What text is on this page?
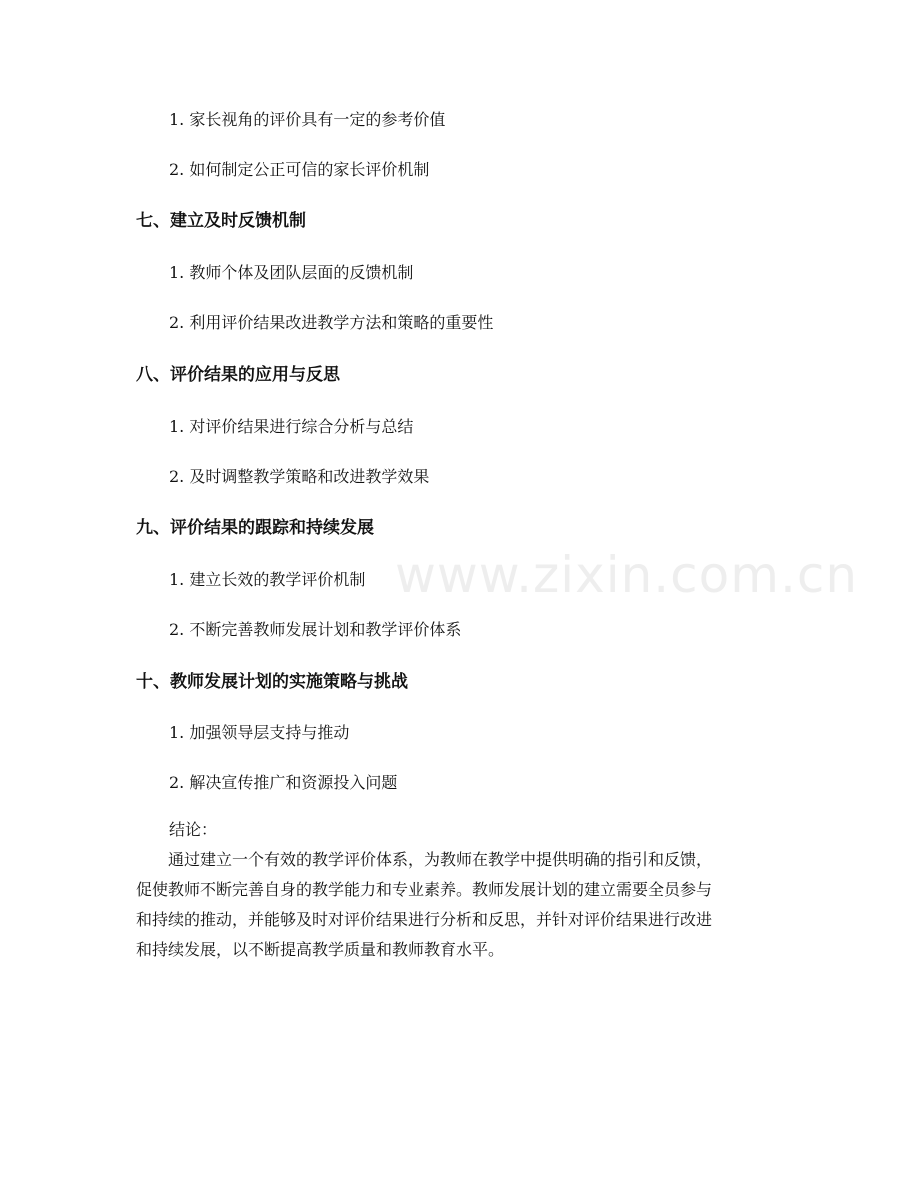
1. 家长视角的评价具有一定的参考价值
2. 如何制定公正可信的家长评价机制
七、建立及时反馈机制
1. 教师个体及团队层面的反馈机制
2. 利用评价结果改进教学方法和策略的重要性
八、评价结果的应用与反思
1. 对评价结果进行综合分析与总结
2. 及时调整教学策略和改进教学效果
九、评价结果的跟踪和持续发展
1. 建立长效的教学评价机制
2. 不断完善教师发展计划和教学评价体系
十、教师发展计划的实施策略与挑战
1. 加强领导层支持与推动
2. 解决宣传推广和资源投入问题
结论：

通过建立一个有效的教学评价体系，为教师在教学中提供明确的指引和反馈，

促使教师不断完善自身的教学能力和专业素养。教师发展计划的建立需要全员参与

和持续的推动，并能够及时对评价结果进行分析和反思，并针对评价结果进行改进

和持续发展，以不断提高教学质量和教师教育水平。

www.zixin.com.cn
